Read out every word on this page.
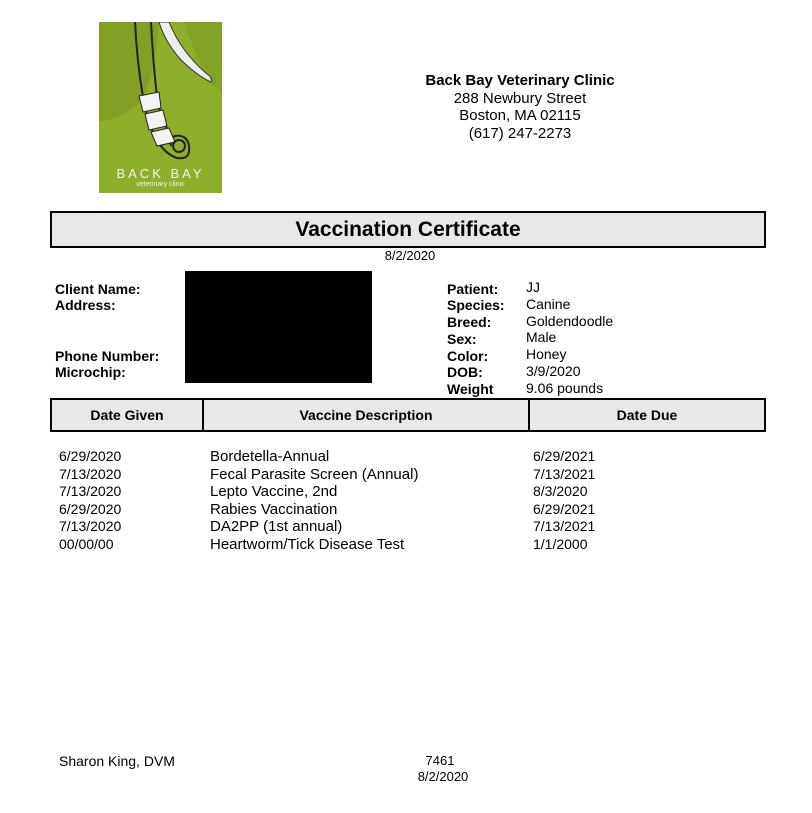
BACK BAY
veterinary clinic
Back Bay Veterinary Clinic
288 Newbury Street
Boston, MA 02115
(617) 247-2273
Vaccination Certificate
8/2/2020
Client Name:
Address:
Phone Number:
Microchip:
Patient: JJ
Species: Canine
Breed: Goldendoodle
Sex:	Male
Color:	Honey
DOB:	3/9/2020
Weight 9.06 pounds
Date Given	Vaccine Description	Date Due
6/29/2020	Bordetella-Annual	6/29/2021
7/13/2020	Fecal Parasite Screen (Annual)	7/13/2021
7/13/2020	Lepto Vaccine, 2nd	8/3/2020
6/29/2020	Rabies Vaccination	6/29/2021
7/13/2020	DA2PP (1st annual)	7/13/2021
00/00/00	Heartworm/Tick Disease Test	1/1/2000
Sharon King, DVM	7461
8/2/2020
